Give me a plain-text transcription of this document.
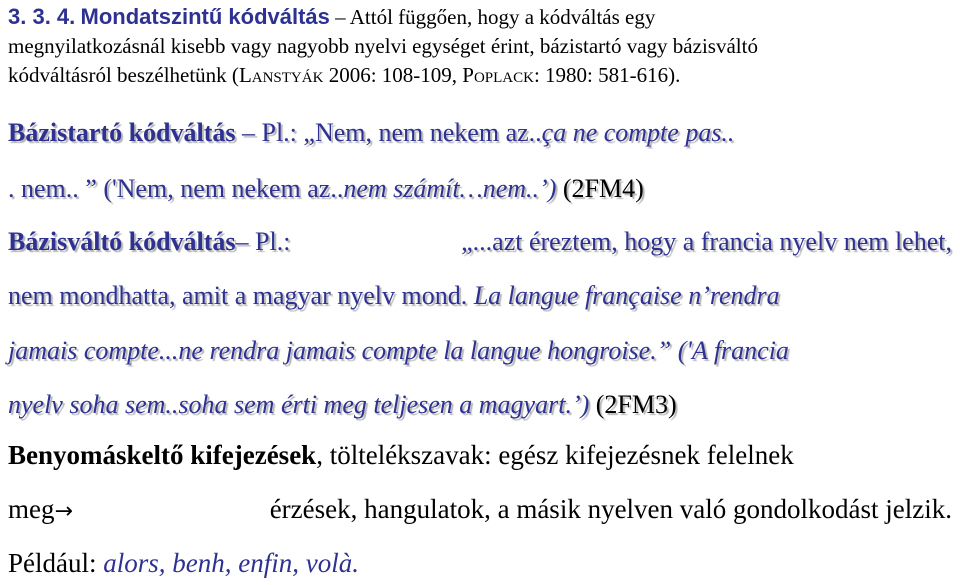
3. 3. 4. Mondatszintű kódváltás – Attól függően, hogy a kódváltás egy
megnyilatkozásnál kisebb vagy nagyobb nyelvi egységet érint, bázistartó vagy bázisváltó
kódváltásról beszélhetünk (Lanstyák 2006: 108-109, Poplack: 1980: 581-616).
Bázistartó kódváltás – Pl.: „Nem, nem nekem az..ça ne compte pas..
. nem.. ” ('Nem, nem nekem az..nem számít…nem..’) (2FM4)
Bázisváltó kódváltás– Pl.:	„...azt éreztem, hogy a francia nyelv nem lehet,
nem mondhatta, amit a magyar nyelv mond. La langue française n’rendra
jamais compte...ne rendra jamais compte la langue hongroise.” ('A francia
nyelv soha sem..soha sem érti meg teljesen a magyart.’) (2FM3)
Benyomáskeltő kifejezések, töltelékszavak: egész kifejezésnek felelnek
meg→	érzések, hangulatok, a másik nyelven való gondolkodást jelzik.
Például: alors, benh, enfin, volà.
